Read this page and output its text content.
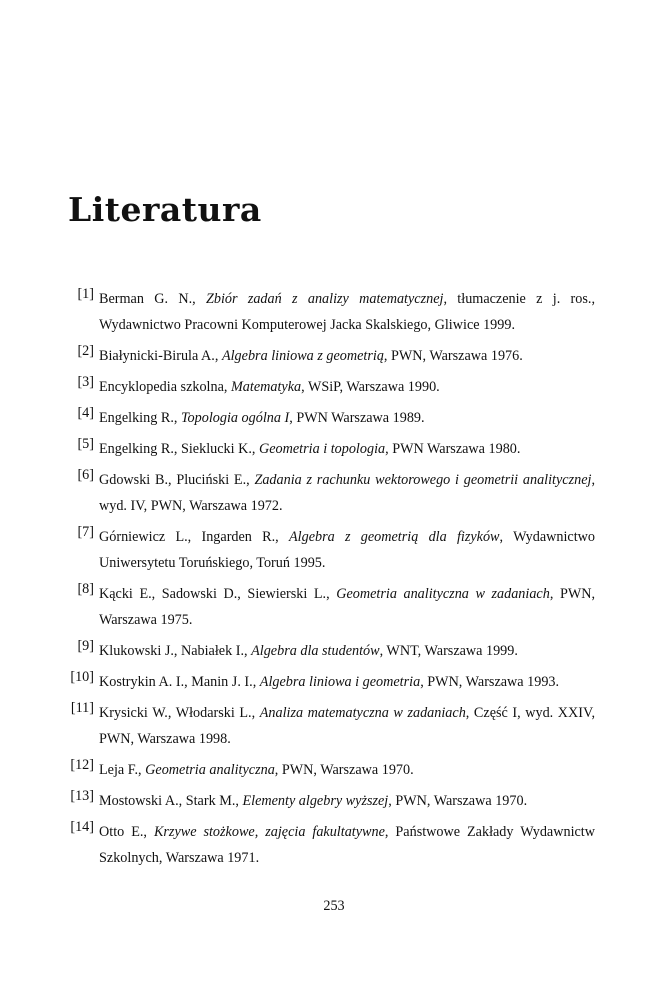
Literatura
[1] Berman G. N., Zbiór zadań z analizy matematycznej, tłumaczenie z j. ros., Wydawnictwo Pracowni Komputerowej Jacka Skalskiego, Gliwice 1999.
[2] Białynicki-Birula A., Algebra liniowa z geometrią, PWN, Warszawa 1976.
[3] Encyklopedia szkolna, Matematyka, WSiP, Warszawa 1990.
[4] Engelking R., Topologia ogólna I, PWN Warszawa 1989.
[5] Engelking R., Sieklucki K., Geometria i topologia, PWN Warszawa 1980.
[6] Gdowski B., Pluciński E., Zadania z rachunku wektorowego i geometrii analitycznej, wyd. IV, PWN, Warszawa 1972.
[7] Górniewicz L., Ingarden R., Algebra z geometrią dla fizyków, Wydawnictwo Uniwersytetu Toruńskiego, Toruń 1995.
[8] Kącki E., Sadowski D., Siewierski L., Geometria analityczna w zadaniach, PWN, Warszawa 1975.
[9] Klukowski J., Nabiałek I., Algebra dla studentów, WNT, Warszawa 1999.
[10] Kostrykin A. I., Manin J. I., Algebra liniowa i geometria, PWN, Warszawa 1993.
[11] Krysicki W., Włodarski L., Analiza matematyczna w zadaniach, Część I, wyd. XXIV, PWN, Warszawa 1998.
[12] Leja F., Geometria analityczna, PWN, Warszawa 1970.
[13] Mostowski A., Stark M., Elementy algebry wyższej, PWN, Warszawa 1970.
[14] Otto E., Krzywe stożkowe, zajęcia fakultatywne, Państwowe Zakłady Wydawnictw Szkolnych, Warszawa 1971.
253
